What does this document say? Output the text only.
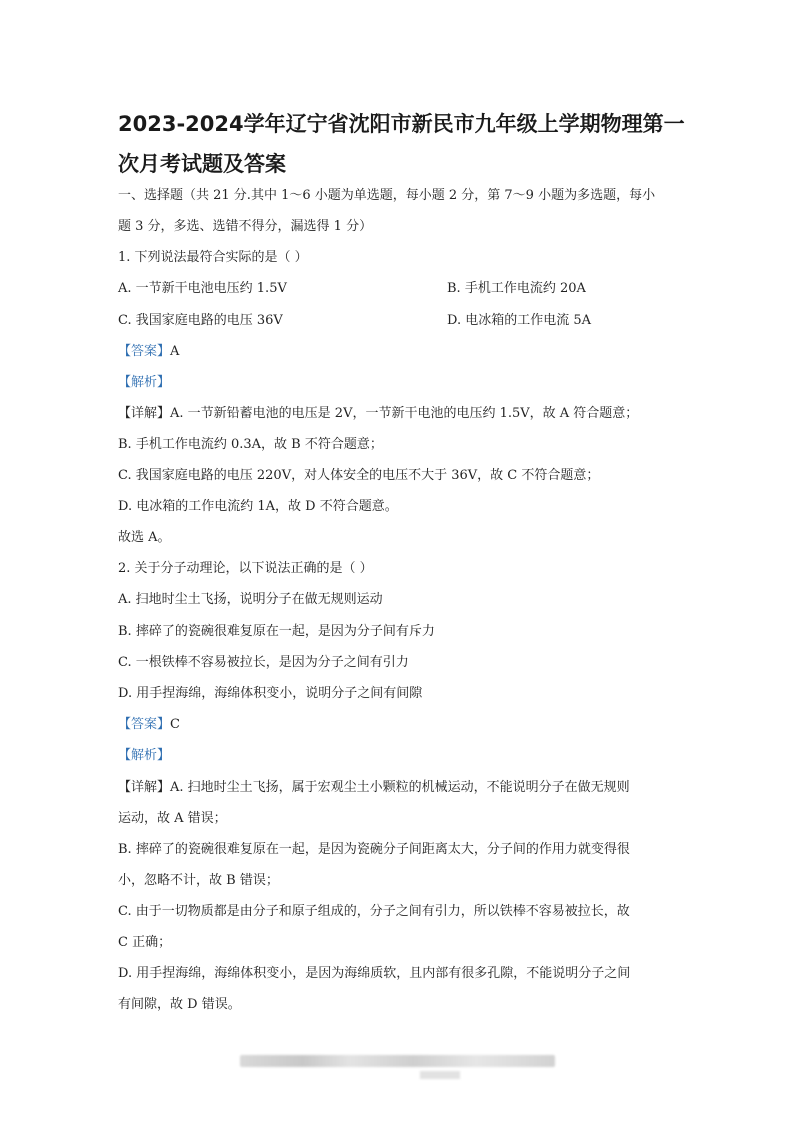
2023-2024学年辽宁省沈阳市新民市九年级上学期物理第一
次月考试题及答案
一、选择题（共 21 分.其中 1～6 小题为单选题，每小题 2 分，第 7～9 小题为多选题，每小
题 3 分，多选、选错不得分，漏选得 1 分）
1. 下列说法最符合实际的是（ ）
A. 一节新干电池电压约 1.5V	B. 手机工作电流约 20A
C. 我国家庭电路的电压 36V	D. 电冰箱的工作电流 5A
【答案】A
【解析】
【详解】A. 一节新铅蓄电池的电压是 2V，一节新干电池的电压约 1.5V，故 A 符合题意；
B. 手机工作电流约 0.3A，故 B 不符合题意；
C. 我国家庭电路的电压 220V，对人体安全的电压不大于 36V，故 C 不符合题意；
D. 电冰箱的工作电流约 1A，故 D 不符合题意。
故选 A。
2. 关于分子动理论，以下说法正确的是（ ）
A. 扫地时尘土飞扬，说明分子在做无规则运动
B. 摔碎了的瓷碗很难复原在一起，是因为分子间有斥力
C. 一根铁棒不容易被拉长，是因为分子之间有引力
D. 用手捏海绵，海绵体积变小，说明分子之间有间隙
【答案】C
【解析】
【详解】A. 扫地时尘土飞扬，属于宏观尘土小颗粒的机械运动，不能说明分子在做无规则
运动，故 A 错误；
B. 摔碎了的瓷碗很难复原在一起，是因为瓷碗分子间距离太大，分子间的作用力就变得很
小，忽略不计，故 B 错误；
C. 由于一切物质都是由分子和原子组成的，分子之间有引力，所以铁棒不容易被拉长，故
C 正确；
D. 用手捏海绵，海绵体积变小，是因为海绵质软，且内部有很多孔隙，不能说明分子之间
有间隙，故 D 错误。
